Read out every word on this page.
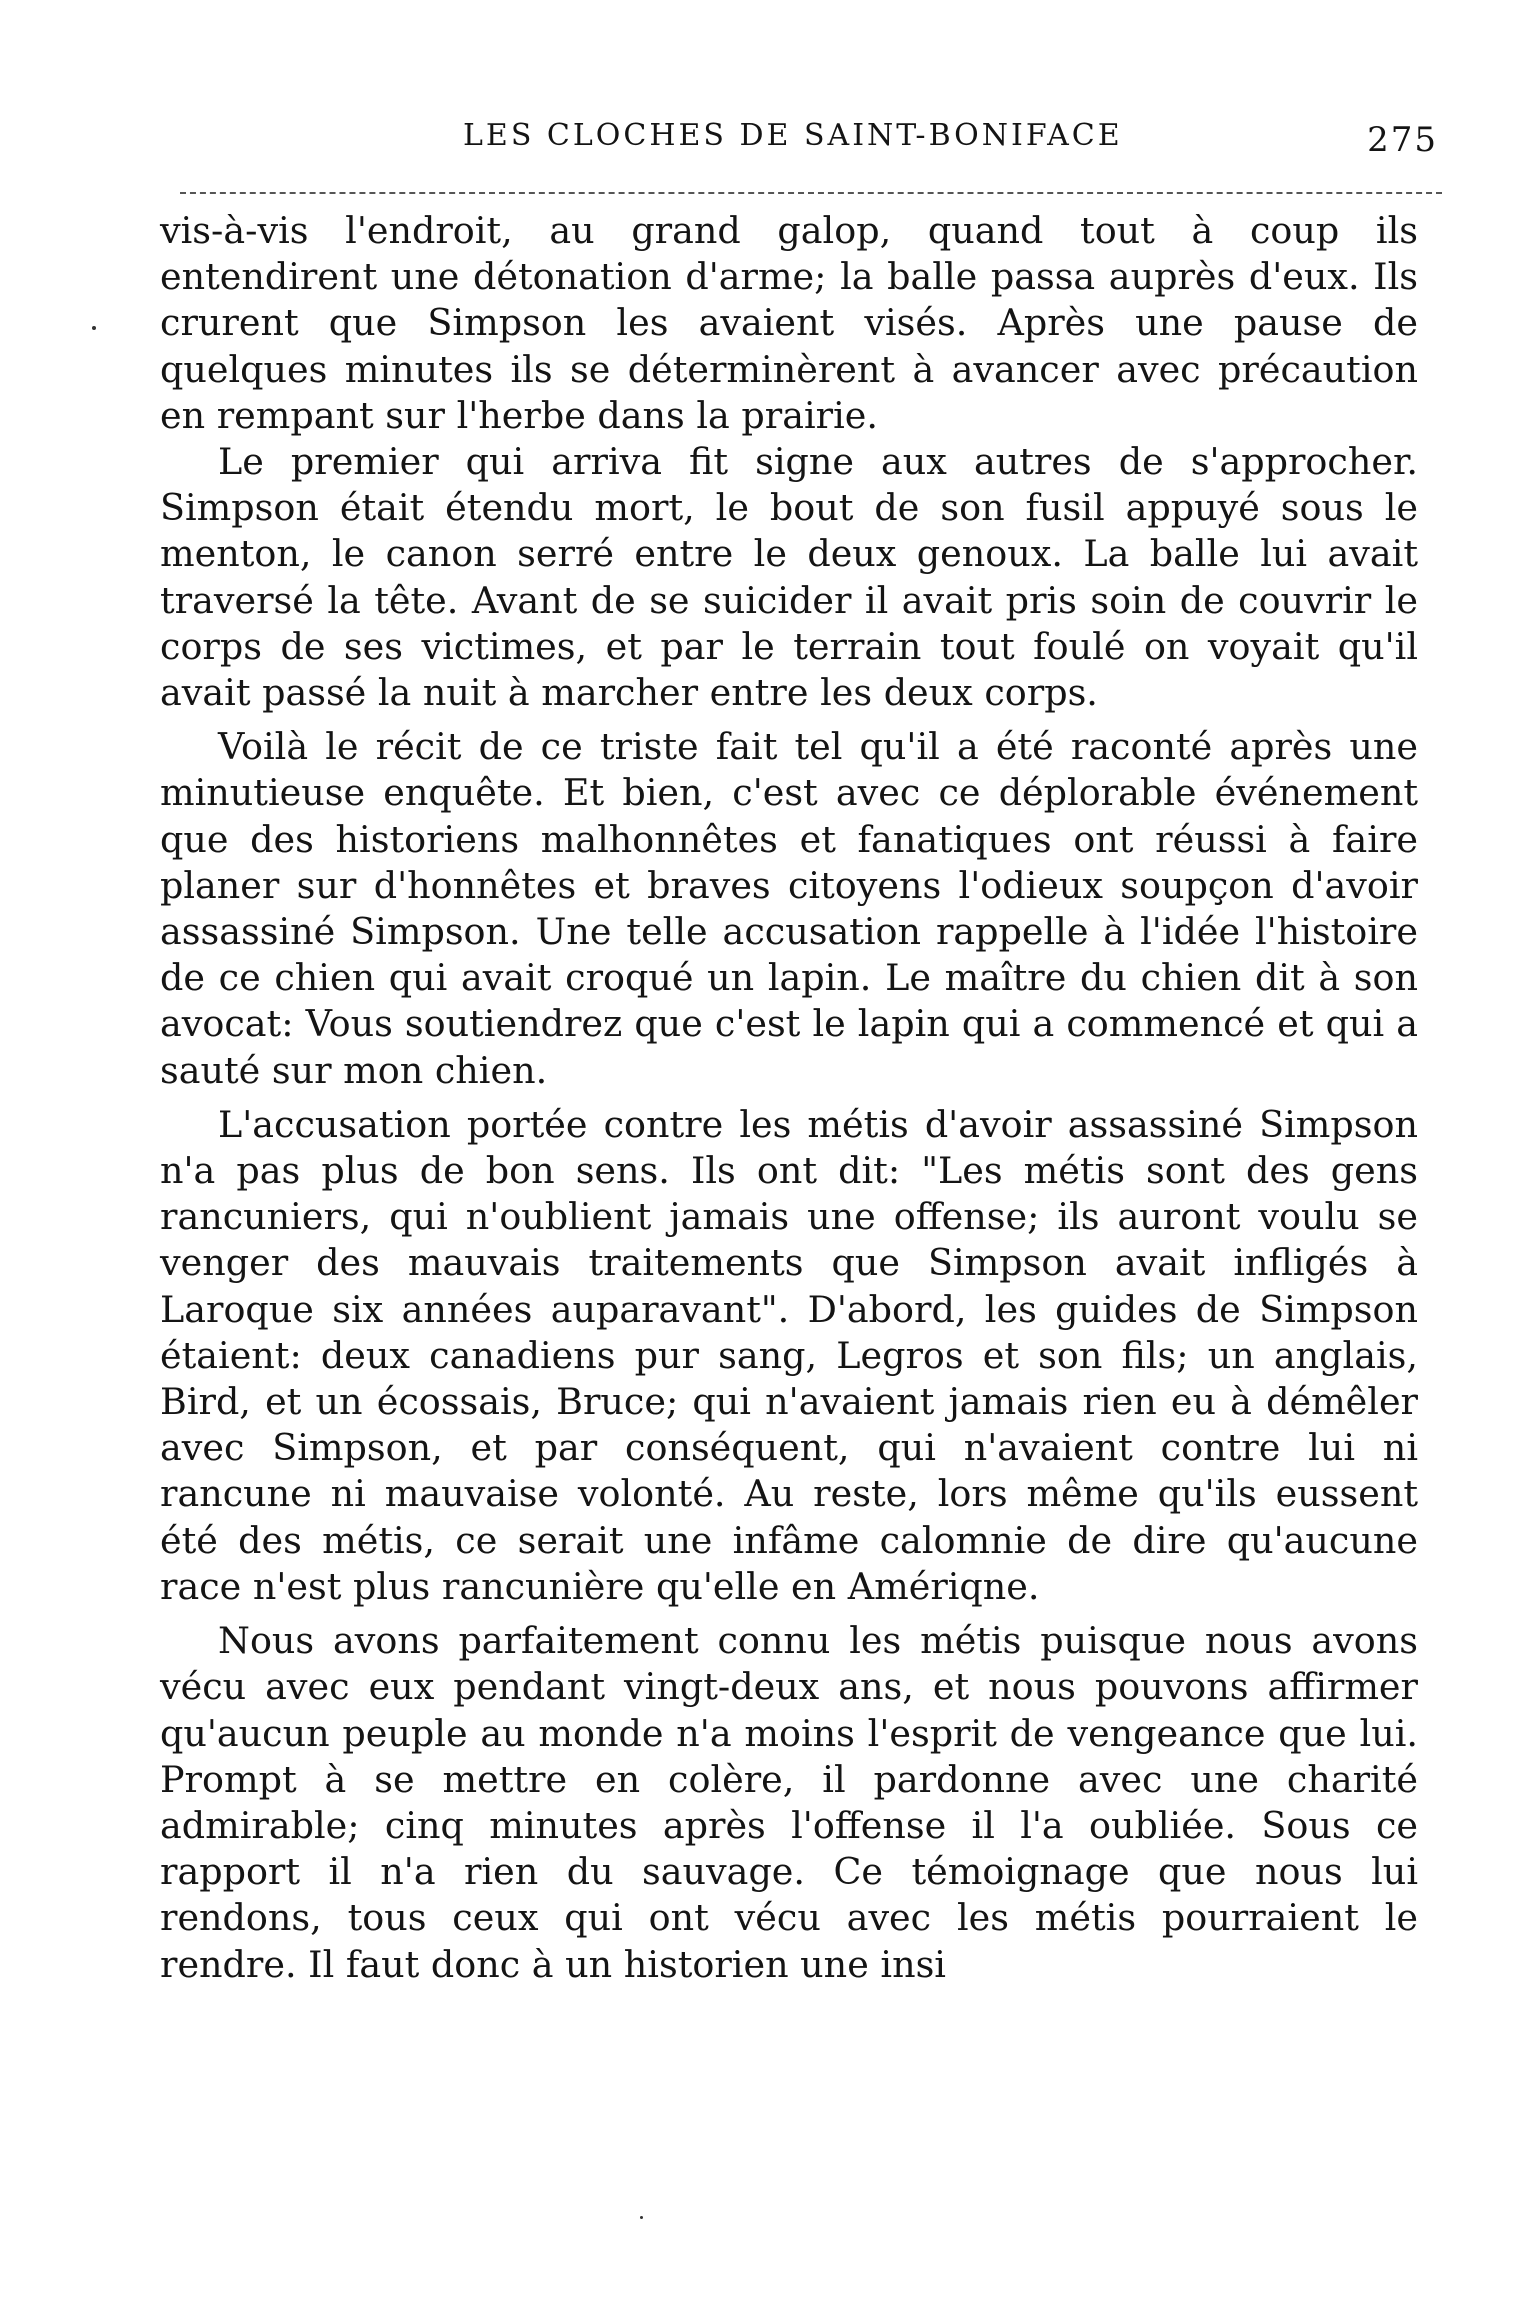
LES CLOCHES DE SAINT-BONIFACE	275

vis-à-vis l'endroit, au grand galop, quand tout à coup ils entendirent une détonation d'arme; la balle passa auprès d'eux. Ils crurent que Simpson les avaient visés. Après une pause de quelques minutes ils se déterminèrent à avancer avec précaution en rempant sur l'herbe dans la prairie.

Le premier qui arriva fit signe aux autres de s'approcher. Simpson était étendu mort, le bout de son fusil appuyé sous le menton, le canon serré entre le deux genoux. La balle lui avait traversé la tête. Avant de se suicider il avait pris soin de couvrir le corps de ses victimes, et par le terrain tout foulé on voyait qu'il avait passé la nuit à marcher entre les deux corps.

Voilà le récit de ce triste fait tel qu'il a été raconté après une minutieuse enquête. Et bien, c'est avec ce déplorable événement que des historiens malhonnêtes et fanatiques ont réussi à faire planer sur d'honnêtes et braves citoyens l'odieux soupçon d'avoir assassiné Simpson. Une telle accusation rappelle à l'idée l'histoire de ce chien qui avait croqué un lapin. Le maître du chien dit à son avocat: Vous soutiendrez que c'est le lapin qui a commencé et qui a sauté sur mon chien.

L'accusation portée contre les métis d'avoir assassiné Simpson n'a pas plus de bon sens. Ils ont dit: "Les métis sont des gens rancuniers, qui n'oublient jamais une offense; ils auront voulu se venger des mauvais traitements que Simpson avait infligés à Laroque six années auparavant". D'abord, les guides de Simpson étaient: deux canadiens pur sang, Legros et son fils; un anglais, Bird, et un écossais, Bruce; qui n'avaient jamais rien eu à démêler avec Simpson, et par conséquent, qui n'avaient contre lui ni rancune ni mauvaise volonté. Au reste, lors même qu'ils eussent été des métis, ce serait une infâme calomnie de dire qu'aucune race n'est plus rancunière qu'elle en Amériqne.

Nous avons parfaitement connu les métis puisque nous avons vécu avec eux pendant vingt-deux ans, et nous pouvons affirmer qu'aucun peuple au monde n'a moins l'esprit de vengeance que lui. Prompt à se mettre en colère, il pardonne avec une charité admirable; cinq minutes après l'offense il l'a oubliée. Sous ce rapport il n'a rien du sauvage. Ce témoignage que nous lui rendons, tous ceux qui ont vécu avec les métis pourraient le rendre. Il faut donc à un historien une insi
